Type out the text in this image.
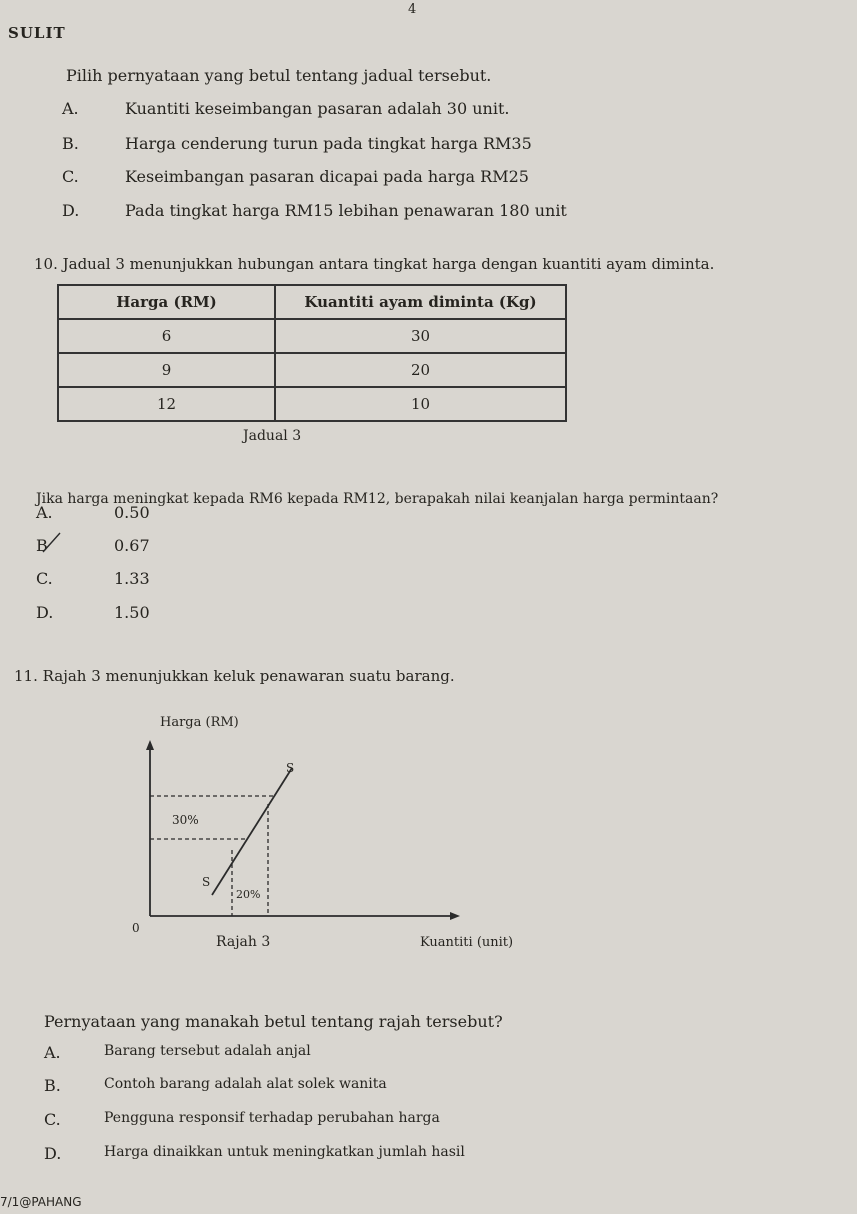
4
SULIT
Pilih pernyataan yang betul tentang jadual tersebut.
A.	Kuantiti keseimbangan pasaran adalah 30 unit.
B.	Harga cenderung turun pada tingkat harga RM35
C.	Keseimbangan pasaran dicapai pada harga RM25
D.	Pada tingkat harga RM15 lebihan penawaran 180 unit
10. Jadual 3 menunjukkan hubungan antara tingkat harga dengan kuantiti ayam diminta.
Harga (RM)	Kuantiti ayam diminta (Kg)
6	30
9	20
12	10
Jadual 3
Jika harga meningkat kepada RM6 kepada RM12, berapakah nilai keanjalan harga permintaan?
A.	0.50
B	0.67
C.	1.33
D.	1.50
11. Rajah 3 menunjukkan keluk penawaran suatu barang.
Harga (RM)
0
S
S
30%
20%
Rajah 3	Kuantiti (unit)
Pernyataan yang manakah betul tentang rajah tersebut?
A.	Barang tersebut adalah anjal
B.	Contoh barang adalah alat solek wanita
C.	Pengguna responsif terhadap perubahan harga
D.	Harga dinaikkan untuk meningkatkan jumlah hasil
7/1@PAHANG
